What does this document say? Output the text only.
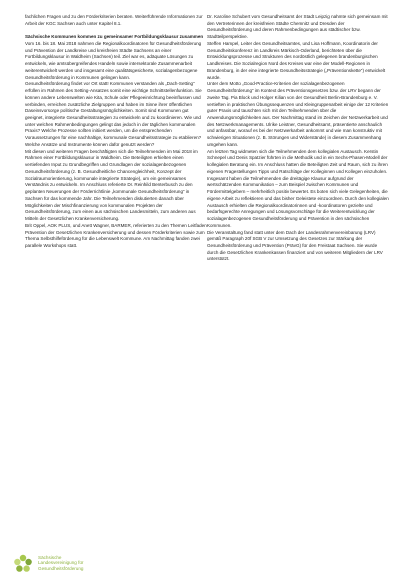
fachlichen Fragen und zu den Förderkriterien beraten. Weiterführende Informationen zur Arbeit der KGC Sachsen auch unter Kapitel 8.1.

Sächsische Kommunen kommen zu gemeinsamer Fortbildungsklausur zusammen

Vom 16. bis 18. Mai 2018 nahmen die Regionalkoordinatoren für Gesundheitsförderung und Prävention der Landkreise und kreisfreien Städte Sachsens an einer Fortbildungsklausur in Waldheim (Sachsen) teil. Ziel war es, adäquate Lösungen zu entwickeln, wie amtsübergreifendes Handeln sowie intersektorale Zusammenarbeit weiterentwickelt werden und insgesamt eine qualitätsgesicherte, sozialagenbezogene Gesundheitsförderung in Kommunen gelingen kann.

Gesundheitsförderung findet vor Ort statt! Kommunen verstanden als „Dach-Setting“ erfüllen im Rahmen des Setting-Ansatzes somit eine wichtige Schnittstellenfunktion. Sie können andere Lebenswelten wie Kita, Schule oder Pflegeeinrichtung beeinflussen und verbinden, erreichen zusätzliche Zielgruppen und haben im Sinne ihrer öffentlichen Daseinsvorsorge politische Gestaltungsmöglichkeiten. Somit sind Kommunen gut geeignet, integrierte Gesundheitsstrategien zu entwickeln und zu koordinieren. Wie und unter welchen Rahmenbedingungen gelingt das jedoch in der täglichen kommunalen Praxis? Welche Prozesse sollten initiiert werden, um die entsprechenden Voraussetzungen für eine nachhaltige, kommunale Gesundheitsstrategie zu etablieren? Welche Ansätze und Instrumente können dafür genutzt werden?

Mit diesen und weiteren Fragen beschäftigten sich die Teilnehmenden im Mai 2018 im Rahmen einer Fortbildungsklausur in Waldheim. Die Beteiligten erhielten einen vertiefenden Input zu Grundbegriffen und Grundlagen der sozialagenbezogenen Gesundheitsförderung (z. B. Gesundheitliche Chancengleichheit, Konzept der Sozialraumorientierung, kommunale integrierte Strategie), um ein gemeinsames Verständnis zu entwickeln. Im Anschluss referierte Dr. Reinhild Benterbusch zu den geplanten Neuerungen der Förderrichtlinie „kommunale Gesundheitsförderung“ in Sachsen für das kommende Jahr. Die Teilnehmenden diskutierten danach über Möglichkeiten der Mischfinanzierung von kommunalen Projekten der Gesundheitsförderung, zum einen aus sächsischen Landesmitteln, zum anderen aus Mitteln der Gesetzlichen Krankenversicherung.

Brit Oppel, AOK PLUS, und Anett Wagner, BARMER, referierten zu den Themen Leitfaden Prävention der Gesetzlichen Krankenversicherung und dessen Förderkriterien sowie zum Thema Selbsthilfeförderung für die Lebenswelt Kommune. Am Nachmittag fanden zwei parallele Workshops statt.

Dr. Karoline Schubert vom Gesundheitsamt der Stadt Leipzig nahmte sich gemeinsam mit den Vertreterinnen der kreisfreien Städte Chemnitz und Dresden der Gesundheitsförderung und deren Rahmenbedingungen aus städtischer bzw. Stadtteilperspektive.

Steffen Hampel, Leiter des Gesundheitsamtes, und Lisa Hoffmann, Koordinatorin der Gesundheitskonferenz im Landkreis Märkisch-Oderland, berichteten über die Entwicklungsprozesse und Strukturen des nordöstlich gelegenen brandenburgischen Landkreises. Die Sozialregion Nord des Kreises war eine der Modell-Regionen in Brandenburg, in der eine integrierte Gesundheitsstrategie („Präventionskette“) entwickelt wurde.

Unter dem Motto „Good-Practice-Kriterien der sozialagenbezogenen Gesundheitsförderung“ im Kontext des Präventionsgesetzes bzw. der LRV begann der zweite Tag. Pia Block und Holger Kilian von der Gesundheit Berlin-Brandenburg e. V. vertieften in praktischen Übungssequenzen und Kleingruppenarbeit einige der 12 Kriterien guter Praxis und tauschten sich mit den Teilnehmenden über die Anwendungsmöglichkeiten aus. Der Nachmittag stand im Zeichen der Netzwerkarbeit und des Netzwerkmanagements. Ulrike Leistner, Gesundheitsamt, präsentierte anschaulich und anfassbar, worauf es bei der Netzwerkarbeit ankommt und wie man konstruktiv mit schwierigen Situationen (z. B. Störungen und Widerstände) in diesem Zusammenhang umgehen kann.

Am letzten Tag widmeten sich die Teilnehmenden dem kollegialen Austausch. Kerstin Schnepel und Denis Spatzier führten in die Methodik und in ein Sechs-Phasen-Modell der kollegialen Beratung ein. Im Anschluss hatten die Beteiligten Zeit und Raum, sich zu ihren eigenen Fragestellungen Tipps und Ratschläge der Kolleginnen und Kollegen einzuholen. Insgesamt haben die Teilnehmenden die dreitägige Klausur aufgrund der wertschätzenden Kommunikation – zum Beispiel zwischen Kommunen und Fördermittelgebern – mehrheitlich positiv bewertet. Es boten sich viele Gelegenheiten, die eigene Arbeit zu reflektieren und das bisher Geleistete einzuordnen. Durch den kollegialen Austausch erhielten die Regionalkoordinatorinnen und -koordinatoren gezielte und bedarfsgerechte Anregungen und Lösungsvorschläge für die Weiterentwicklung der sozialagenbezogenen Gesundheitsförderung und Prävention in den sächsischen Kommunen.

Die Veranstaltung fand statt unter dem Dach der Landesrahmenvereinbarung (LRV) gemäß Paragraph 20f SGB V zur Umsetzung des Gesetzes zur Stärkung der Gesundheitsförderung und Prävention (PrävG) für den Freistaat Sachsen. Sie wurde durch die Gesetzlichen Krankenkassen finanziert und von weiteren Mitgliedern der LRV unterstützt.

Sächsische
Landesvereinigung für
Gesundheitsförderung
